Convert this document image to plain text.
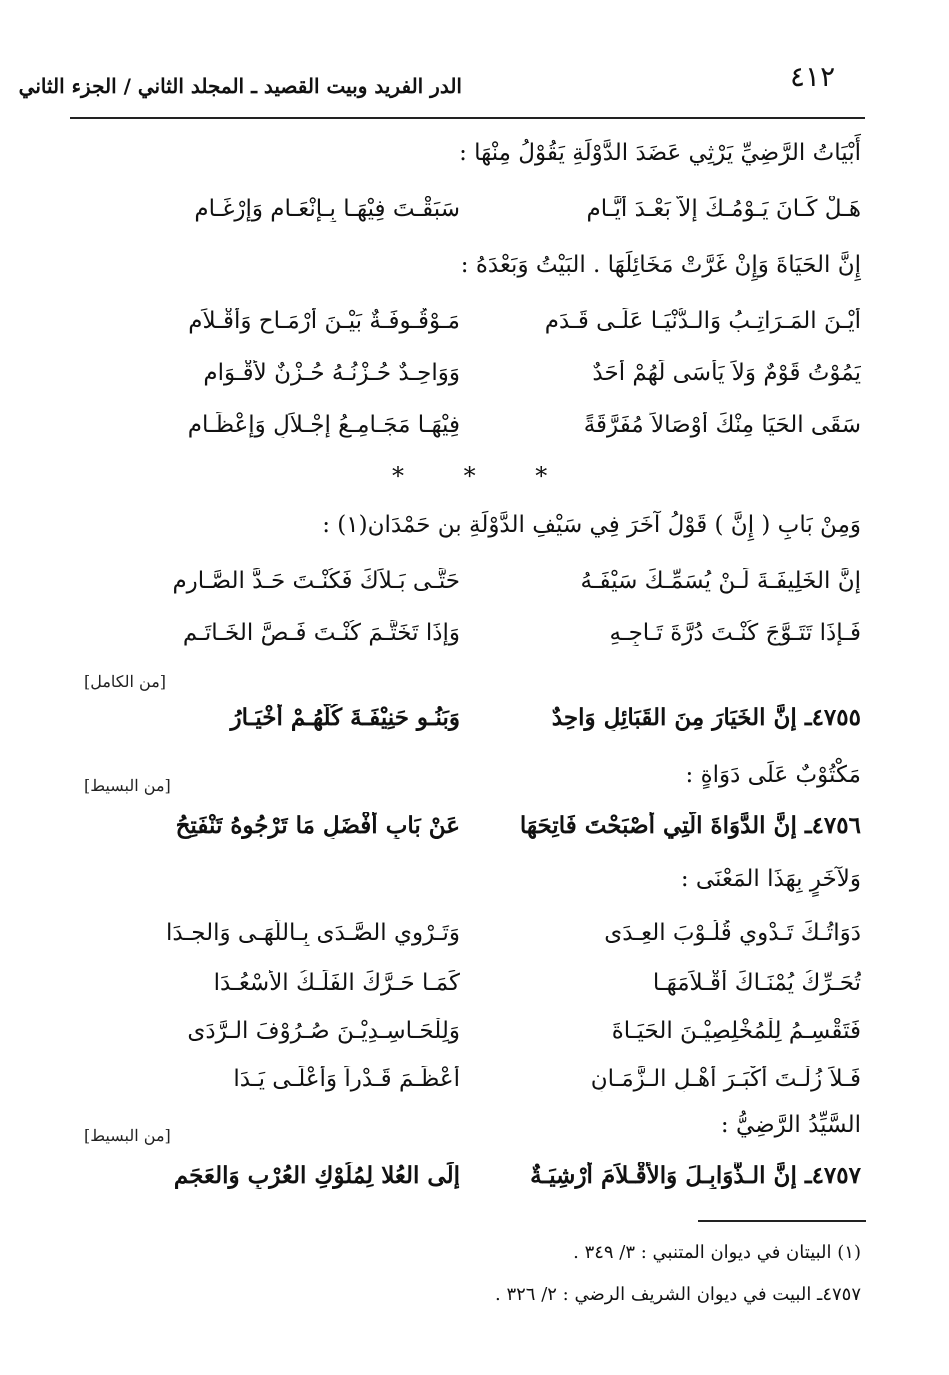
٤١٢
الدر الفريد وبيت القصيد ـ المجلد الثاني / الجزء الثاني
أَبْيَاتُ الرَّضِيِّ يَرْثِي عَضَدَ الدَّوْلَةِ يَقُوْلُ مِنْهَا :
هَـلْ كَـانَ يَـوْمُـكَ إِلاَّ بَعْـدَ أَيَّـامِ
سَبَقْـتَ فِيْهَـا بِـإِنْعَـامٍ وَإِرْغَـامِ
إِنَّ الحَيَاةَ وَإِنْ غَرَّتْ مَخَائِلَهَا . البَيْتُ وَبَعْدَهُ :
أَيْـنَ المَـرَاتِـبُ وَالـدُّنْيَـا عَلَـى قَـدَمٍ
مَـوْقُـوفَـةٌ بَيْـنَ أَرْمَـاحٍ وَأَقْـلاَمِ
يَمُوْتُ قَوْمٌ وَلاَ يَأْسَى لَهُمْ أَحَدٌ
وَوَاحِـدٌ حُـزْنُـهُ حُـزْنٌ لأَقْـوَامِ
سَقَى الحَيَا مِنْكَ أَوْصَالاً مُفَرَّقَةً
فِيْهَـا مَجَـامِـعُ إِجْـلاَلٍ وَإِعْظَـامِ
* * *
وَمِنْ بَابِ ( إِنَّ ) قَوْلُ آخَرَ فِي سَيْفِ الدَّوْلَةِ بن حَمْدَان(١) :
إِنَّ الخَلِيفَـةَ لَـنْ يُسَمِّـكَ سَيْفَـهُ
حَتَّـى بَـلاَكَ فَكُنْـتَ حَـدَّ الصَّـارِمِ
فَـإِذَا تَتَـوَّجَ كُنْـتَ دُرَّةَ تَـاجِـهِ
وَإِذَا تَخَتَّـمَ كُنْـتَ فَـصَّ الخَـاتَـمِ
[من الكامل]
٤٧٥٥ـ إِنَّ الخَيَارَ مِنَ القَبَائِلِ وَاحِدٌ
وَبَنُـو حَنِيْفَـةَ كُلُّهُـمْ أَخْيَـارُ
مَكْتُوْبٌ عَلَى دَوَاةٍ :
[من البسيط]
٤٧٥٦ـ إِنَّ الدَّوَاةَ الَّتِي أَصْبَحْتَ فَاتِحَهَا
عَنْ بَابِ أَفْضَلِ مَا تَرْجُوهُ تَنْفَتِحُ
وَلآخَرٍ بِهَذَا المَعْنَى :
دَوَاتُـكَ تَـدْوِي قُلُـوْبَ العِـدَى
وَتَـرْوِي الصَّـدَى بِـاللُّهَـى وَالجـدَا
تُحَـرِّكُ يُمْنَـاكَ أَقْـلاَمَهَـا
كَمَـا حَـرَّكَ الفَلَـكُ الأَسْعُـدَا
فَتَقْسِـمُ لِلْمُخْلِصِيْـنَ الحَيَـاةَ
وَلِلْحَـاسِـدِيْـنَ صُـرُوْفَ الـرَّدَى
فَـلاَ زُلْـتَ أَكْبَـرَ أَهْـلِ الـزَّمَـانِ
أَعْظَـمَ قَـدْراً وَأَعْلَـى يَـدَا
السَّيِّدُ الرَّضِيُّ :
[من البسيط]
٤٧٥٧ـ إِنَّ الـذَّوَابِـلَ وَالأَقْـلاَمَ أَرْشِيَـةٌ
إِلَى العُلا لِمُلُوْكِ العُرْبِ وَالعَجَمِ
(١) البيتان في ديوان المتنبي : ٣/ ٣٤٩ .
٤٧٥٧ـ البيت في ديوان الشريف الرضي : ٢/ ٣٢٦ .
